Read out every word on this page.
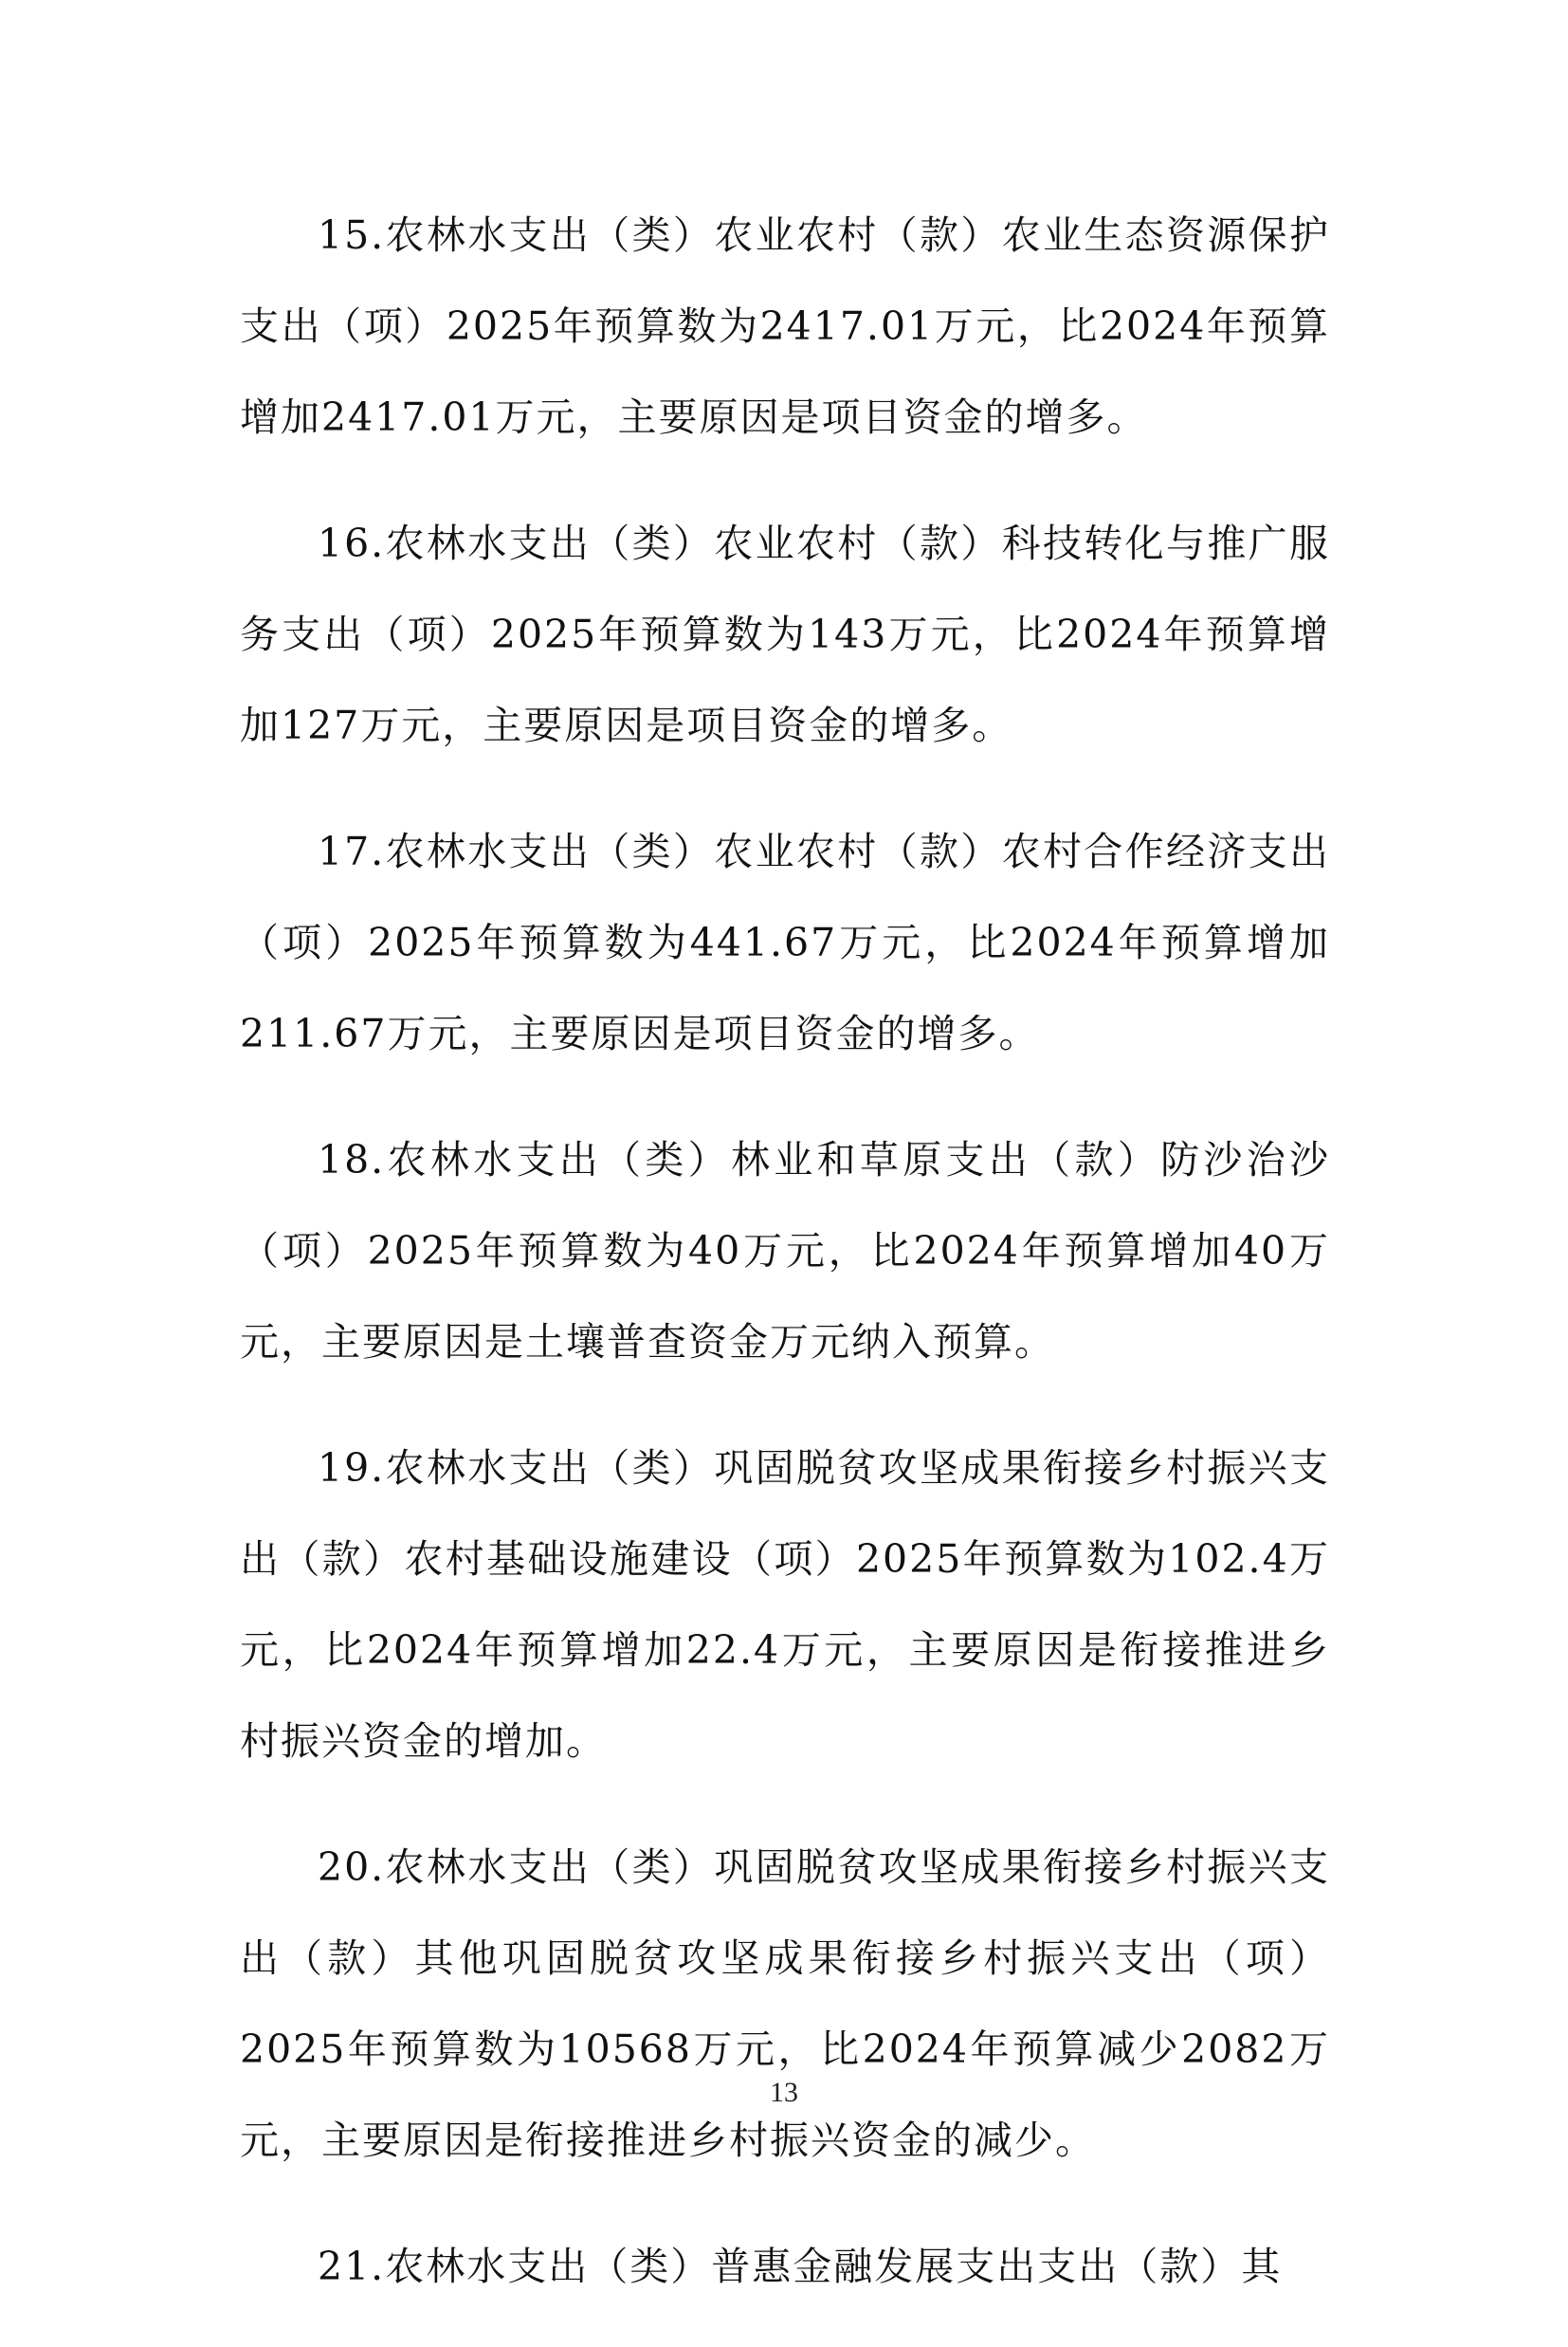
15.农林水支出（类）农业农村（款）农业生态资源保护支出（项）2025年预算数为2417.01万元，比2024年预算增加2417.01万元，主要原因是项目资金的增多。

16.农林水支出（类）农业农村（款）科技转化与推广服务支出（项）2025年预算数为143万元，比2024年预算增加127万元，主要原因是项目资金的增多。

17.农林水支出（类）农业农村（款）农村合作经济支出（项）2025年预算数为441.67万元，比2024年预算增加211.67万元，主要原因是项目资金的增多。

18.农林水支出（类）林业和草原支出（款）防沙治沙（项）2025年预算数为40万元，比2024年预算增加40万元，主要原因是土壤普查资金万元纳入预算。

19.农林水支出（类）巩固脱贫攻坚成果衔接乡村振兴支出（款）农村基础设施建设（项）2025年预算数为102.4万元，比2024年预算增加22.4万元，主要原因是衔接推进乡村振兴资金的增加。

20.农林水支出（类）巩固脱贫攻坚成果衔接乡村振兴支出（款）其他巩固脱贫攻坚成果衔接乡村振兴支出（项）2025年预算数为10568万元，比2024年预算减少2082万元，主要原因是衔接推进乡村振兴资金的减少。

21.农林水支出（类）普惠金融发展支出支出（款）其

13
